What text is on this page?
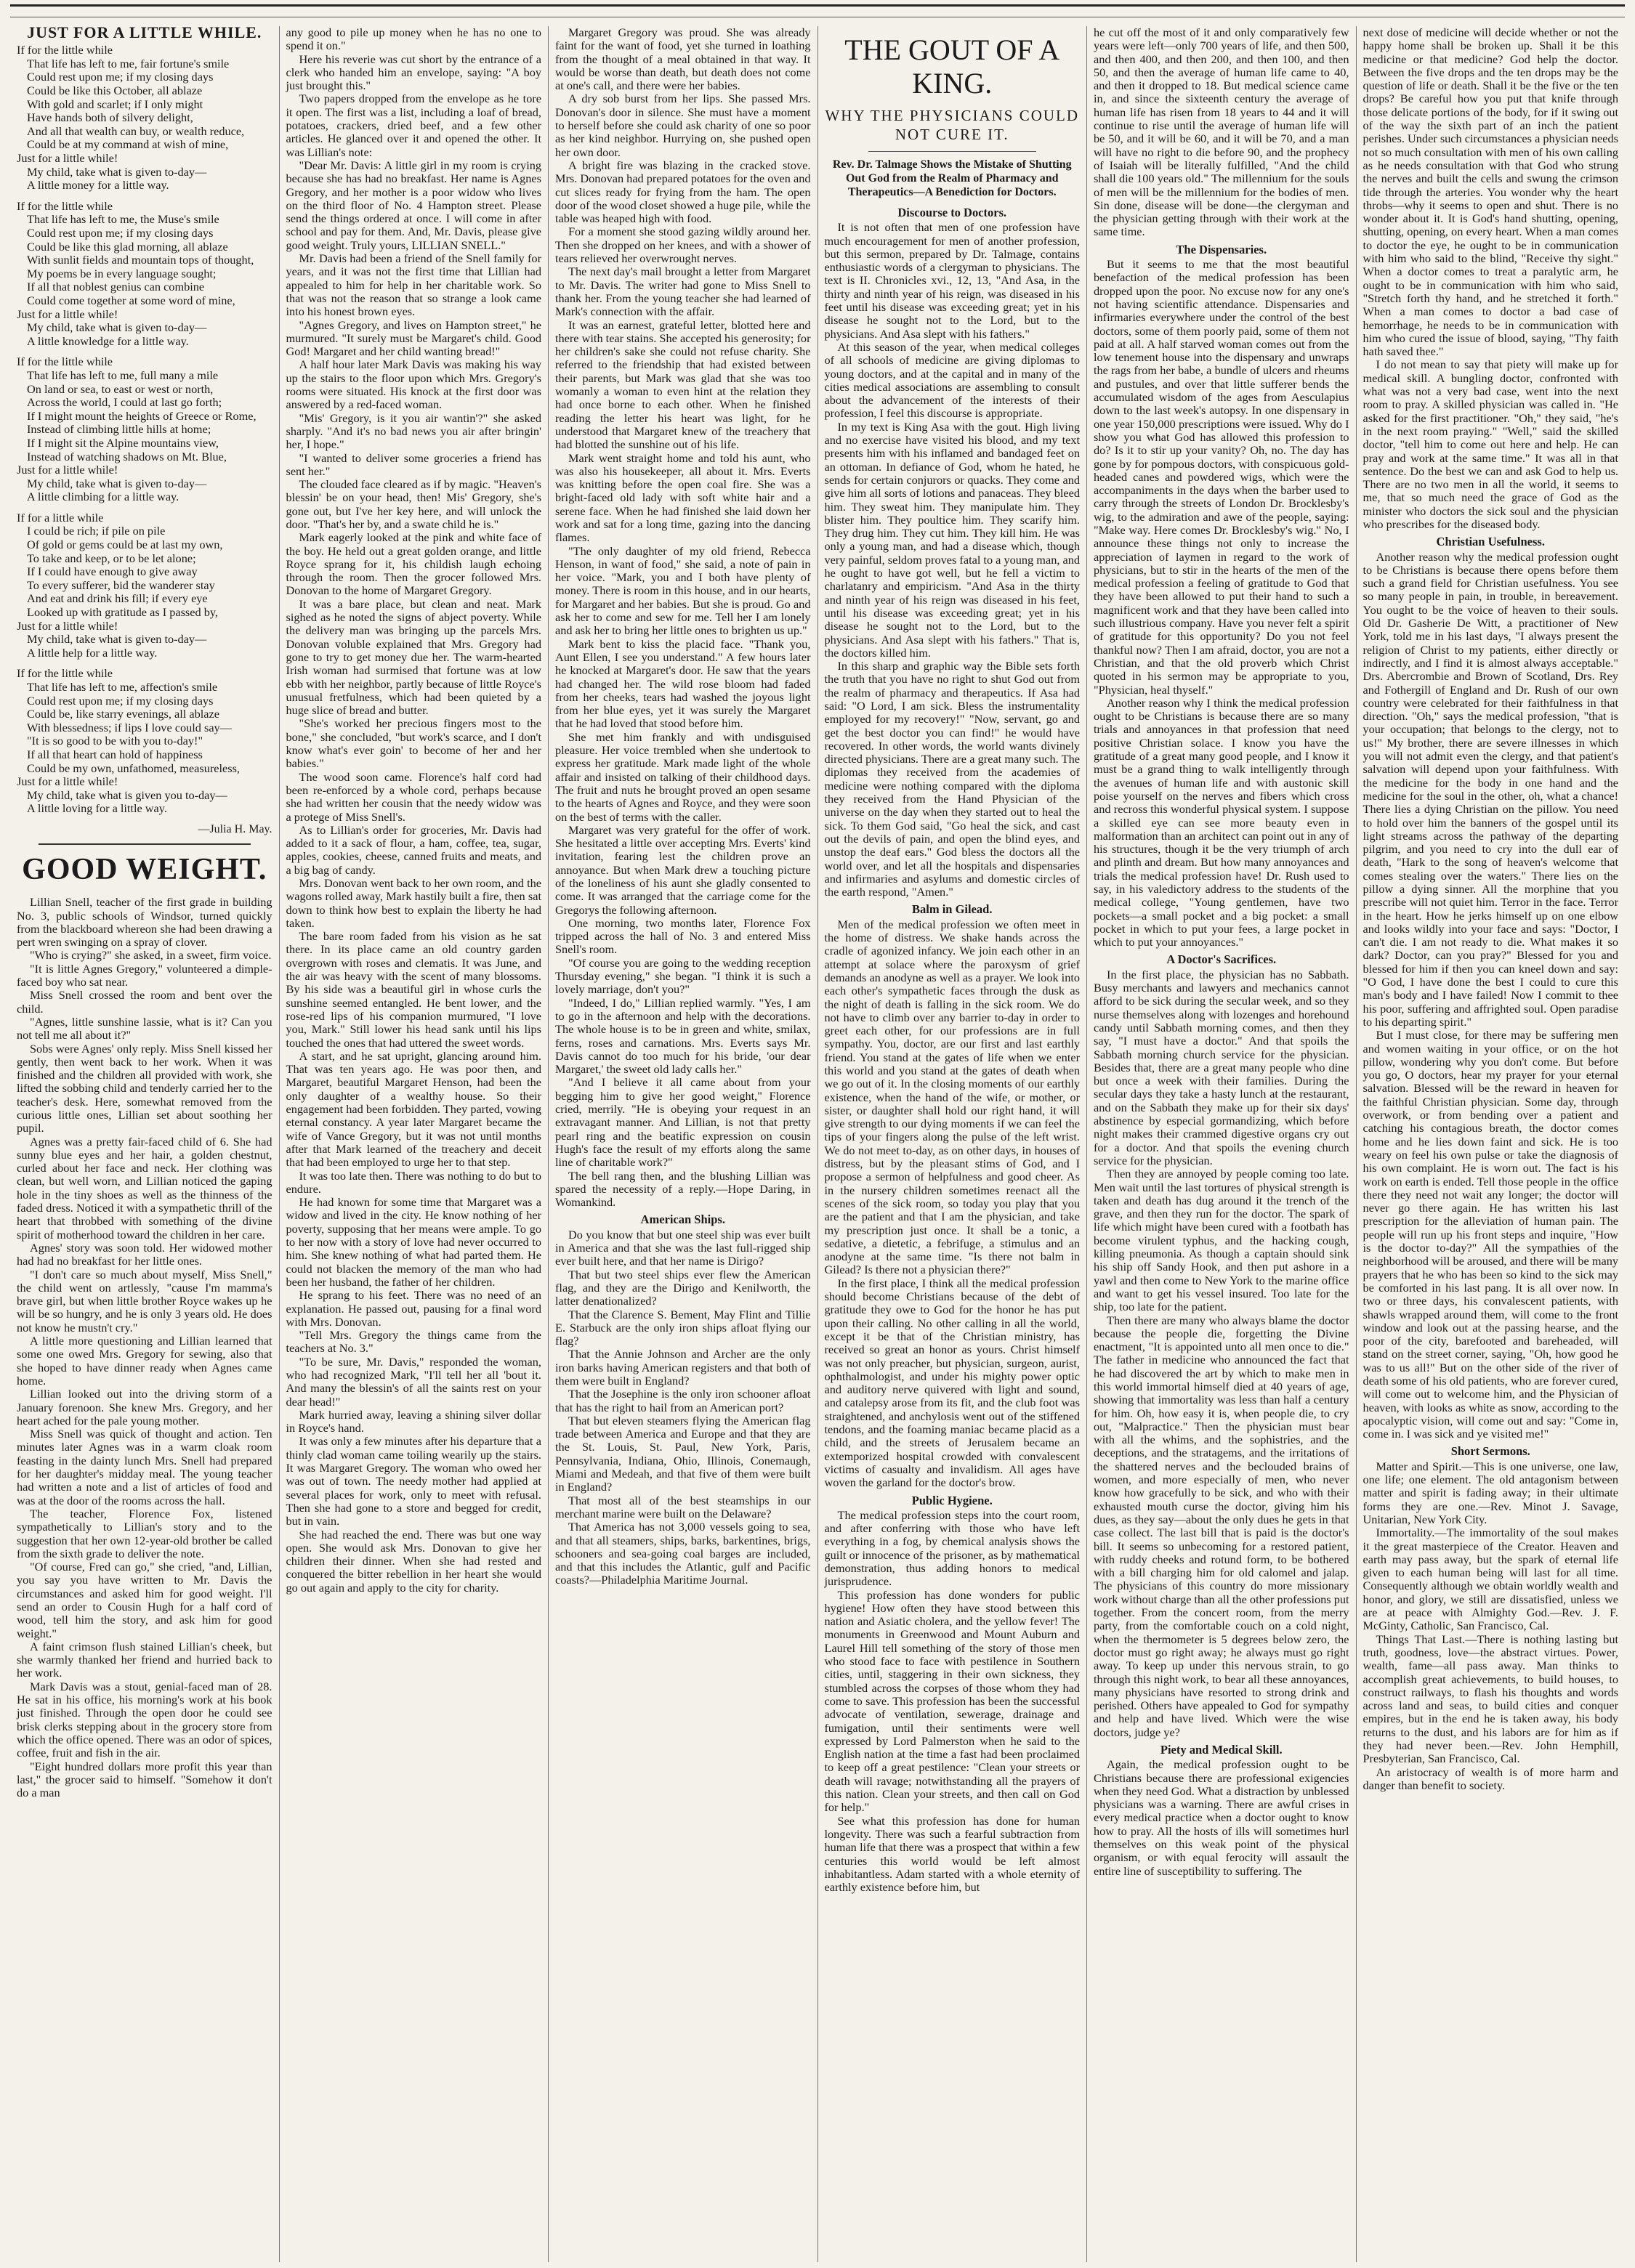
JUST FOR A LITTLE WHILE.
If for the little while
That life has left to me, fair fortune's smile
Could rest upon me; if my closing days
Could be like this October, all ablaze
With gold and scarlet; if I only might
Have hands both of silvery delight,
And all that wealth can buy, or wealth reduce,
Could be at my command at wish of mine,
Just for a little while!
My child, take what is given to-day—
A little money for a little way.
If for the little while
That life has left to me, the Muse's smile
Could rest upon me; if my closing days
Could be like this glad morning, all ablaze
With sunlit fields and mountain tops of thought,
My poems be in every language sought;
If all that noblest genius can combine
Could come together at some word of mine,
Just for a little while!
My child, take what is given to-day—
A little knowledge for a little way.
If for the little while
That life has left to me, full many a mile
On land or sea, to east or west or north,
Across the world, I could at last go forth;
If I might mount the heights of Greece or Rome,
Instead of climbing little hills at home;
If I might sit the Alpine mountains view,
Instead of watching shadows on Mt. Blue,
Just for a little while!
My child, take what is given to-day—
A little climbing for a little way.
If for a little while
I could be rich; if pile on pile
Of gold or gems could be at last my own,
To take and keep, or to be let alone;
If I could have enough to give away
To every sufferer, bid the wanderer stay
And eat and drink his fill; if every eye
Looked up with gratitude as I passed by,
Just for a little while!
My child, take what is given to-day—
A little help for a little way.
If for the little while
That life has left to me, affection's smile
Could rest upon me; if my closing days
Could be, like starry evenings, all ablaze
With blessedness; if lips I love could say—
"It is so good to be with you to-day!"
If all that heart can hold of happiness
Could be my own, unfathomed, measureless,
Just for a little while!
My child, take what is given you to-day—
A little loving for a little way.
—Julia H. May.
GOOD WEIGHT.

Lillian Snell, teacher of the first grade in building No. 3, public schools of Windsor, turned quickly from the blackboard whereon she had been drawing a pert wren swinging on a spray of clover.

"Who is crying?" she asked, in a sweet, firm voice.

"It is little Agnes Gregory," volunteered a dimple-faced boy who sat near.

Miss Snell crossed the room and bent over the child.

"Agnes, little sunshine lassie, what is it? Can you not tell me all about it?"

Sobs were Agnes' only reply. Miss Snell kissed her gently, then went back to her work. When it was finished and the children all provided with work, she lifted the sobbing child and tenderly carried her to the teacher's desk. Here, somewhat removed from the curious little ones, Lillian set about soothing her pupil.

Agnes was a pretty fair-faced child of 6. She had sunny blue eyes and her hair, a golden chestnut, curled about her face and neck. Her clothing was clean, but well worn, and Lillian noticed the gaping hole in the tiny shoes as well as the thinness of the faded dress. Noticed it with a sympathetic thrill of the heart that throbbed with something of the divine spirit of motherhood toward the children in her care.

Agnes' story was soon told. Her widowed mother had had no breakfast for her little ones.

"I don't care so much about myself, Miss Snell," the child went on artlessly, "cause I'm mamma's brave girl, but when little brother Royce wakes up he will be so hungry, and he is only 3 years old. He does not know he mustn't cry."

A little more questioning and Lillian learned that some one owed Mrs. Gregory for sewing, also that she hoped to have dinner ready when Agnes came home.

Lillian looked out into the driving storm of a January forenoon. She knew Mrs. Gregory, and her heart ached for the pale young mother.

Miss Snell was quick of thought and action. Ten minutes later Agnes was in a warm cloak room feasting in the dainty lunch Mrs. Snell had prepared for her daughter's midday meal. The young teacher had written a note and a list of articles of food and was at the door of the rooms across the hall.

The teacher, Florence Fox, listened sympathetically to Lillian's story and to the suggestion that her own 12-year-old brother be called from the sixth grade to deliver the note.

"Of course, Fred can go," she cried, "and, Lillian, you say you have written to Mr. Davis the circumstances and asked him for good weight. I'll send an order to Cousin Hugh for a half cord of wood, tell him the story, and ask him for good weight."

A faint crimson flush stained Lillian's cheek, but she warmly thanked her friend and hurried back to her work.

Mark Davis was a stout, genial-faced man of 28. He sat in his office, his morning's work at his book just finished. Through the open door he could see brisk clerks stepping about in the grocery store from which the office opened. There was an odor of spices, coffee, fruit and fish in the air.

"Eight hundred dollars more profit this year than last," the grocer said to himself. "Somehow it don't do a man

any good to pile up money when he has no one to spend it on."

Here his reverie was cut short by the entrance of a clerk who handed him an envelope, saying: "A boy just brought this."

Two papers dropped from the envelope as he tore it open. The first was a list, including a loaf of bread, potatoes, crackers, dried beef, and a few other articles. He glanced over it and opened the other. It was Lillian's note:

"Dear Mr. Davis: A little girl in my room is crying because she has had no breakfast. Her name is Agnes Gregory, and her mother is a poor widow who lives on the third floor of No. 4 Hampton street. Please send the things ordered at once. I will come in after school and pay for them. And, Mr. Davis, please give good weight. Truly yours, LILLIAN SNELL."

Mr. Davis had been a friend of the Snell family for years, and it was not the first time that Lillian had appealed to him for help in her charitable work. So that was not the reason that so strange a look came into his honest brown eyes.

"Agnes Gregory, and lives on Hampton street," he murmured. "It surely must be Margaret's child. Good God! Margaret and her child wanting bread!"

A half hour later Mark Davis was making his way up the stairs to the floor upon which Mrs. Gregory's rooms were situated. His knock at the first door was answered by a red-faced woman.

"Mis' Gregory, is it you air wantin'?" she asked sharply. "And it's no bad news you air after bringin' her, I hope."

"I wanted to deliver some groceries a friend has sent her."

The clouded face cleared as if by magic. "Heaven's blessin' be on your head, then! Mis' Gregory, she's gone out, but I've her key here, and will unlock the door. "That's her by, and a swate child he is."

Mark eagerly looked at the pink and white face of the boy. He held out a great golden orange, and little Royce sprang for it, his childish laugh echoing through the room. Then the grocer followed Mrs. Donovan to the home of Margaret Gregory.

It was a bare place, but clean and neat. Mark sighed as he noted the signs of abject poverty. While the delivery man was bringing up the parcels Mrs. Donovan voluble explained that Mrs. Gregory had gone to try to get money due her. The warm-hearted Irish woman had surmised that fortune was at low ebb with her neighbor, partly because of little Royce's unusual fretfulness, which had been quieted by a huge slice of bread and butter.

"She's worked her precious fingers most to the bone," she concluded, "but work's scarce, and I don't know what's ever goin' to become of her and her babies."

The wood soon came. Florence's half cord had been re-enforced by a whole cord, perhaps because she had written her cousin that the needy widow was a protege of Miss Snell's.

As to Lillian's order for groceries, Mr. Davis had added to it a sack of flour, a ham, coffee, tea, sugar, apples, cookies, cheese, canned fruits and meats, and a big bag of candy.

Mrs. Donovan went back to her own room, and the wagons rolled away, Mark hastily built a fire, then sat down to think how best to explain the liberty he had taken.

The bare room faded from his vision as he sat there. In its place came an old country garden overgrown with roses and clematis. It was June, and the air was heavy with the scent of many blossoms. By his side was a beautiful girl in whose curls the sunshine seemed entangled. He bent lower, and the rose-red lips of his companion murmured, "I love you, Mark." Still lower his head sank until his lips touched the ones that had uttered the sweet words.

A start, and he sat upright, glancing around him. That was ten years ago. He was poor then, and Margaret, beautiful Margaret Henson, had been the only daughter of a wealthy house. So their engagement had been forbidden. They parted, vowing eternal constancy. A year later Margaret became the wife of Vance Gregory, but it was not until months after that Mark learned of the treachery and deceit that had been employed to urge her to that step.

It was too late then. There was nothing to do but to endure.

He had known for some time that Margaret was a widow and lived in the city. He know nothing of her poverty, supposing that her means were ample. To go to her now with a story of love had never occurred to him. She knew nothing of what had parted them. He could not blacken the memory of the man who had been her husband, the father of her children.

He sprang to his feet. There was no need of an explanation. He passed out, pausing for a final word with Mrs. Donovan.

"Tell Mrs. Gregory the things came from the teachers at No. 3."

"To be sure, Mr. Davis," responded the woman, who had recognized Mark, "I'll tell her all 'bout it. And many the blessin's of all the saints rest on your dear head!"

Mark hurried away, leaving a shining silver dollar in Royce's hand.

It was only a few minutes after his departure that a thinly clad woman came toiling wearily up the stairs. It was Margaret Gregory. The woman who owed her was out of town. The needy mother had applied at several places for work, only to meet with refusal. Then she had gone to a store and begged for credit, but in vain.

She had reached the end. There was but one way open. She would ask Mrs. Donovan to give her children their dinner. When she had rested and conquered the bitter rebellion in her heart she would go out again and apply to the city for charity.

Margaret Gregory was proud. She was already faint for the want of food, yet she turned in loathing from the thought of a meal obtained in that way. It would be worse than death, but death does not come at one's call, and there were her babies.

A dry sob burst from her lips. She passed Mrs. Donovan's door in silence. She must have a moment to herself before she could ask charity of one so poor as her kind neighbor. Hurrying on, she pushed open her own door.

A bright fire was blazing in the cracked stove. Mrs. Donovan had prepared potatoes for the oven and cut slices ready for frying from the ham. The open door of the wood closet showed a huge pile, while the table was heaped high with food.

For a moment she stood gazing wildly around her. Then she dropped on her knees, and with a shower of tears relieved her overwrought nerves.

The next day's mail brought a letter from Margaret to Mr. Davis. The writer had gone to Miss Snell to thank her. From the young teacher she had learned of Mark's connection with the affair.

It was an earnest, grateful letter, blotted here and there with tear stains. She accepted his generosity; for her children's sake she could not refuse charity. She referred to the friendship that had existed between their parents, but Mark was glad that she was too womanly a woman to even hint at the relation they had once borne to each other. When he finished reading the letter his heart was light, for he understood that Margaret knew of the treachery that had blotted the sunshine out of his life.

Mark went straight home and told his aunt, who was also his housekeeper, all about it. Mrs. Everts was knitting before the open coal fire. She was a bright-faced old lady with soft white hair and a serene face. When he had finished she laid down her work and sat for a long time, gazing into the dancing flames.

"The only daughter of my old friend, Rebecca Henson, in want of food," she said, a note of pain in her voice. "Mark, you and I both have plenty of money. There is room in this house, and in our hearts, for Margaret and her babies. But she is proud. Go and ask her to come and sew for me. Tell her I am lonely and ask her to bring her little ones to brighten us up."

Mark bent to kiss the placid face. "Thank you, Aunt Ellen, I see you understand." A few hours later he knocked at Margaret's door. He saw that the years had changed her. The wild rose bloom had faded from her cheeks, tears had washed the joyous light from her blue eyes, yet it was surely the Margaret that he had loved that stood before him.

She met him frankly and with undisguised pleasure. Her voice trembled when she undertook to express her gratitude. Mark made light of the whole affair and insisted on talking of their childhood days. The fruit and nuts he brought proved an open sesame to the hearts of Agnes and Royce, and they were soon on the best of terms with the caller.

Margaret was very grateful for the offer of work. She hesitated a little over accepting Mrs. Everts' kind invitation, fearing lest the children prove an annoyance. But when Mark drew a touching picture of the loneliness of his aunt she gladly consented to come. It was arranged that the carriage come for the Gregorys the following afternoon.

One morning, two months later, Florence Fox tripped across the hall of No. 3 and entered Miss Snell's room.

"Of course you are going to the wedding reception Thursday evening," she began. "I think it is such a lovely marriage, don't you?"

"Indeed, I do," Lillian replied warmly. "Yes, I am to go in the afternoon and help with the decorations. The whole house is to be in green and white, smilax, ferns, roses and carnations. Mrs. Everts says Mr. Davis cannot do too much for his bride, 'our dear Margaret,' the sweet old lady calls her."

"And I believe it all came about from your begging him to give her good weight," Florence cried, merrily. "He is obeying your request in an extravagant manner. And Lillian, is not that pretty pearl ring and the beatific expression on cousin Hugh's face the result of my efforts along the same line of charitable work?"

The bell rang then, and the blushing Lillian was spared the necessity of a reply.—Hope Daring, in Womankind.

American Ships.

Do you know that but one steel ship was ever built in America and that she was the last full-rigged ship ever built here, and that her name is Dirigo?

That but two steel ships ever flew the American flag, and they are the Dirigo and Kenilworth, the latter denationalized?

That the Clarence S. Bement, May Flint and Tillie E. Starbuck are the only iron ships afloat flying our flag?

That the Annie Johnson and Archer are the only iron barks having American registers and that both of them were built in England?

That the Josephine is the only iron schooner afloat that has the right to hail from an American port?

That but eleven steamers flying the American flag trade between America and Europe and that they are the St. Louis, St. Paul, New York, Paris, Pennsylvania, Indiana, Ohio, Illinois, Conemaugh, Miami and Medeah, and that five of them were built in England?

That most all of the best steamships in our merchant marine were built on the Delaware?

That America has not 3,000 vessels going to sea, and that all steamers, ships, barks, barkentines, brigs, schooners and sea-going coal barges are included, and that this includes the Atlantic, gulf and Pacific coasts?—Philadelphia Maritime Journal.

THE GOUT OF A KING.
WHY THE PHYSICIANS COULD NOT CURE IT.
Rev. Dr. Talmage Shows the Mistake of Shutting Out God from the Realm of Pharmacy and Therapeutics—A Benediction for Doctors.
Discourse to Doctors.

It is not often that men of one profession have much encouragement for men of another profession, but this sermon, prepared by Dr. Talmage, contains enthusiastic words of a clergyman to physicians. The text is II. Chronicles xvi., 12, 13, "And Asa, in the thirty and ninth year of his reign, was diseased in his feet until his disease was exceeding great; yet in his disease he sought not to the Lord, but to the physicians. And Asa slept with his fathers."

At this season of the year, when medical colleges of all schools of medicine are giving diplomas to young doctors, and at the capital and in many of the cities medical associations are assembling to consult about the advancement of the interests of their profession, I feel this discourse is appropriate.

In my text is King Asa with the gout. High living and no exercise have visited his blood, and my text presents him with his inflamed and bandaged feet on an ottoman. In defiance of God, whom he hated, he sends for certain conjurors or quacks. They come and give him all sorts of lotions and panaceas. They bleed him. They sweat him. They manipulate him. They blister him. They poultice him. They scarify him. They drug him. They cut him. They kill him. He was only a young man, and had a disease which, though very painful, seldom proves fatal to a young man, and he ought to have got well, but he fell a victim to charlatanry and empiricism. "And Asa in the thirty and ninth year of his reign was diseased in his feet, until his disease was exceeding great; yet in his disease he sought not to the Lord, but to the physicians. And Asa slept with his fathers." That is, the doctors killed him.

In this sharp and graphic way the Bible sets forth the truth that you have no right to shut God out from the realm of pharmacy and therapeutics. If Asa had said: "O Lord, I am sick. Bless the instrumentality employed for my recovery!" "Now, servant, go and get the best doctor you can find!" he would have recovered. In other words, the world wants divinely directed physicians. There are a great many such. The diplomas they received from the academies of medicine were nothing compared with the diploma they received from the Hand Physician of the universe on the day when they started out to heal the sick. To them God said, "Go heal the sick, and cast out the devils of pain, and open the blind eyes, and unstop the deaf ears." God bless the doctors all the world over, and let all the hospitals and dispensaries and infirmaries and asylums and domestic circles of the earth respond, "Amen."

Balm in Gilead.

Men of the medical profession we often meet in the home of distress. We shake hands across the cradle of agonized infancy. We join each other in an attempt at solace where the paroxysm of grief demands an anodyne as well as a prayer. We look into each other's sympathetic faces through the dusk as the night of death is falling in the sick room. We do not have to climb over any barrier to-day in order to greet each other, for our professions are in full sympathy. You, doctor, are our first and last earthly friend. You stand at the gates of life when we enter this world and you stand at the gates of death when we go out of it. In the closing moments of our earthly existence, when the hand of the wife, or mother, or sister, or daughter shall hold our right hand, it will give strength to our dying moments if we can feel the tips of your fingers along the pulse of the left wrist. We do not meet to-day, as on other days, in houses of distress, but by the pleasant stims of God, and I propose a sermon of helpfulness and good cheer. As in the nursery children sometimes reenact all the scenes of the sick room, so today you play that you are the patient and that I am the physician, and take my prescription just once. It shall be a tonic, a sedative, a dietetic, a febrifuge, a stimulus and an anodyne at the same time. "Is there not balm in Gilead? Is there not a physician there?"

In the first place, I think all the medical profession should become Christians because of the debt of gratitude they owe to God for the honor he has put upon their calling. No other calling in all the world, except it be that of the Christian ministry, has received so great an honor as yours. Christ himself was not only preacher, but physician, surgeon, aurist, ophthalmologist, and under his mighty power optic and auditory nerve quivered with light and sound, and catalepsy arose from its fit, and the club foot was straightened, and anchylosis went out of the stiffened tendons, and the foaming maniac became placid as a child, and the streets of Jerusalem became an extemporized hospital crowded with convalescent victims of casualty and invalidism. All ages have woven the garland for the doctor's brow.

Public Hygiene.

The medical profession steps into the court room, and after conferring with those who have left everything in a fog, by chemical analysis shows the guilt or innocence of the prisoner, as by mathematical demonstration, thus adding honors to medical jurisprudence.

This profession has done wonders for public hygiene! How often they have stood between this nation and Asiatic cholera, and the yellow fever! The monuments in Greenwood and Mount Auburn and Laurel Hill tell something of the story of those men who stood face to face with pestilence in Southern cities, until, staggering in their own sickness, they stumbled across the corpses of those whom they had come to save. This profession has been the successful advocate of ventilation, sewerage, drainage and fumigation, until their sentiments were well expressed by Lord Palmerston when he said to the English nation at the time a fast had been proclaimed to keep off a great pestilence: "Clean your streets or death will ravage; notwithstanding all the prayers of this nation. Clean your streets, and then call on God for help."

See what this profession has done for human longevity. There was such a fearful subtraction from human life that there was a prospect that within a few centuries this world would be left almost inhabitantless. Adam started with a whole eternity of earthly existence before him, but

he cut off the most of it and only comparatively few years were left—only 700 years of life, and then 500, and then 400, and then 200, and then 100, and then 50, and then the average of human life came to 40, and then it dropped to 18. But medical science came in, and since the sixteenth century the average of human life has risen from 18 years to 44 and it will continue to rise until the average of human life will be 50, and it will be 60, and it will be 70, and a man will have no right to die before 90, and the prophecy of Isaiah will be literally fulfilled, "And the child shall die 100 years old." The millennium for the souls of men will be the millennium for the bodies of men. Sin done, disease will be done—the clergyman and the physician getting through with their work at the same time.

The Dispensaries.

But it seems to me that the most beautiful benefaction of the medical profession has been dropped upon the poor. No excuse now for any one's not having scientific attendance. Dispensaries and infirmaries everywhere under the control of the best doctors, some of them poorly paid, some of them not paid at all. A half starved woman comes out from the low tenement house into the dispensary and unwraps the rags from her babe, a bundle of ulcers and rheums and pustules, and over that little sufferer bends the accumulated wisdom of the ages from Aesculapius down to the last week's autopsy. In one dispensary in one year 150,000 prescriptions were issued. Why do I show you what God has allowed this profession to do? Is it to stir up your vanity? Oh, no. The day has gone by for pompous doctors, with conspicuous gold-headed canes and powdered wigs, which were the accompaniments in the days when the barber used to carry through the streets of London Dr. Brocklesby's wig, to the admiration and awe of the people, saying: "Make way. Here comes Dr. Brocklesby's wig." No, I announce these things not only to increase the appreciation of laymen in regard to the work of physicians, but to stir in the hearts of the men of the medical profession a feeling of gratitude to God that they have been allowed to put their hand to such a magnificent work and that they have been called into such illustrious company. Have you never felt a spirit of gratitude for this opportunity? Do you not feel thankful now? Then I am afraid, doctor, you are not a Christian, and that the old proverb which Christ quoted in his sermon may be appropriate to you, "Physician, heal thyself."

Another reason why I think the medical profession ought to be Christians is because there are so many trials and annoyances in that profession that need positive Christian solace. I know you have the gratitude of a great many good people, and I know it must be a grand thing to walk intelligently through the avenues of human life and with austonic skill poise yourself on the nerves and fibers which cross and recross this wonderful physical system. I suppose a skilled eye can see more beauty even in malformation than an architect can point out in any of his structures, though it be the very triumph of arch and plinth and dream. But how many annoyances and trials the medical profession have! Dr. Rush used to say, in his valedictory address to the students of the medical college, "Young gentlemen, have two pockets—a small pocket and a big pocket: a small pocket in which to put your fees, a large pocket in which to put your annoyances."

A Doctor's Sacrifices.

In the first place, the physician has no Sabbath. Busy merchants and lawyers and mechanics cannot afford to be sick during the secular week, and so they nurse themselves along with lozenges and horehound candy until Sabbath morning comes, and then they say, "I must have a doctor." And that spoils the Sabbath morning church service for the physician. Besides that, there are a great many people who dine but once a week with their families. During the secular days they take a hasty lunch at the restaurant, and on the Sabbath they make up for their six days' abstinence by especial gormandizing, which before night makes their crammed digestive organs cry out for a doctor. And that spoils the evening church service for the physician.

Then they are annoyed by people coming too late. Men wait until the last tortures of physical strength is taken and death has dug around it the trench of the grave, and then they run for the doctor. The spark of life which might have been cured with a footbath has become virulent typhus, and the hacking cough, killing pneumonia. As though a captain should sink his ship off Sandy Hook, and then put ashore in a yawl and then come to New York to the marine office and want to get his vessel insured. Too late for the ship, too late for the patient.

Then there are many who always blame the doctor because the people die, forgetting the Divine enactment, "It is appointed unto all men once to die." The father in medicine who announced the fact that he had discovered the art by which to make men in this world immortal himself died at 40 years of age, showing that immortality was less than half a century for him. Oh, how easy it is, when people die, to cry out, "Malpractice." Then the physician must bear with all the whims, and the sophistries, and the deceptions, and the stratagems, and the irritations of the shattered nerves and the beclouded brains of women, and more especially of men, who never know how gracefully to be sick, and who with their exhausted mouth curse the doctor, giving him his dues, as they say—about the only dues he gets in that case collect. The last bill that is paid is the doctor's bill. It seems so unbecoming for a restored patient, with ruddy cheeks and rotund form, to be bothered with a bill charging him for old calomel and jalap. The physicians of this country do more missionary work without charge than all the other professions put together. From the concert room, from the merry party, from the comfortable couch on a cold night, when the thermometer is 5 degrees below zero, the doctor must go right away; he always must go right away. To keep up under this nervous strain, to go through this night work, to bear all these annoyances, many physicians have resorted to strong drink and perished. Others have appealed to God for sympathy and help and have lived. Which were the wise doctors, judge ye?

Piety and Medical Skill.

Again, the medical profession ought to be Christians because there are professional exigencies when they need God. What a distraction by unblessed physicians was a warning. There are awful crises in every medical practice when a doctor ought to know how to pray. All the hosts of ills will sometimes hurl themselves on this weak point of the physical organism, or with equal ferocity will assault the entire line of susceptibility to suffering. The

next dose of medicine will decide whether or not the happy home shall be broken up. Shall it be this medicine or that medicine? God help the doctor. Between the five drops and the ten drops may be the question of life or death. Shall it be the five or the ten drops? Be careful how you put that knife through those delicate portions of the body, for if it swing out of the way the sixth part of an inch the patient perishes. Under such circumstances a physician needs not so much consultation with men of his own calling as he needs consultation with that God who strung the nerves and built the cells and swung the crimson tide through the arteries. You wonder why the heart throbs—why it seems to open and shut. There is no wonder about it. It is God's hand shutting, opening, shutting, opening, on every heart. When a man comes to doctor the eye, he ought to be in communication with him who said to the blind, "Receive thy sight." When a doctor comes to treat a paralytic arm, he ought to be in communication with him who said, "Stretch forth thy hand, and he stretched it forth." When a man comes to doctor a bad case of hemorrhage, he needs to be in communication with him who cured the issue of blood, saying, "Thy faith hath saved thee."

I do not mean to say that piety will make up for medical skill. A bungling doctor, confronted with what was not a very bad case, went into the next room to pray. A skilled physician was called in. "He asked for the first practitioner. "Oh," they said, "he's in the next room praying." "Well," said the skilled doctor, "tell him to come out here and help. He can pray and work at the same time." It was all in that sentence. Do the best we can and ask God to help us. There are no two men in all the world, it seems to me, that so much need the grace of God as the minister who doctors the sick soul and the physician who prescribes for the diseased body.

Christian Usefulness.

Another reason why the medical profession ought to be Christians is because there opens before them such a grand field for Christian usefulness. You see so many people in pain, in trouble, in bereavement. You ought to be the voice of heaven to their souls. Old Dr. Gasherie De Witt, a practitioner of New York, told me in his last days, "I always present the religion of Christ to my patients, either directly or indirectly, and I find it is almost always acceptable." Drs. Abercrombie and Brown of Scotland, Drs. Rey and Fothergill of England and Dr. Rush of our own country were celebrated for their faithfulness in that direction. "Oh," says the medical profession, "that is your occupation; that belongs to the clergy, not to us!" My brother, there are severe illnesses in which you will not admit even the clergy, and that patient's salvation will depend upon your faithfulness. With the medicine for the body in one hand and the medicine for the soul in the other, oh, what a chance! There lies a dying Christian on the pillow. You need to hold over him the banners of the gospel until its light streams across the pathway of the departing pilgrim, and you need to cry into the dull ear of death, "Hark to the song of heaven's welcome that comes stealing over the waters." There lies on the pillow a dying sinner. All the morphine that you prescribe will not quiet him. Terror in the face. Terror in the heart. How he jerks himself up on one elbow and looks wildly into your face and says: "Doctor, I can't die. I am not ready to die. What makes it so dark? Doctor, can you pray?" Blessed for you and blessed for him if then you can kneel down and say: "O God, I have done the best I could to cure this man's body and I have failed! Now I commit to thee his poor, suffering and affrighted soul. Open paradise to his departing spirit."

But I must close, for there may be suffering men and women waiting in your office, or on the hot pillow, wondering why you don't come. But before you go, O doctors, hear my prayer for your eternal salvation. Blessed will be the reward in heaven for the faithful Christian physician. Some day, through overwork, or from bending over a patient and catching his contagious breath, the doctor comes home and he lies down faint and sick. He is too weary on feel his own pulse or take the diagnosis of his own complaint. He is worn out. The fact is his work on earth is ended. Tell those people in the office there they need not wait any longer; the doctor will never go there again. He has written his last prescription for the alleviation of human pain. The people will run up his front steps and inquire, "How is the doctor to-day?" All the sympathies of the neighborhood will be aroused, and there will be many prayers that he who has been so kind to the sick may be comforted in his last pang. It is all over now. In two or three days, his convalescent patients, with shawls wrapped around them, will come to the front window and look out at the passing hearse, and the poor of the city, barefooted and bareheaded, will stand on the street corner, saying, "Oh, how good he was to us all!" But on the other side of the river of death some of his old patients, who are forever cured, will come out to welcome him, and the Physician of heaven, with looks as white as snow, according to the apocalyptic vision, will come out and say: "Come in, come in. I was sick and ye visited me!"

Short Sermons.

Matter and Spirit.—This is one universe, one law, one life; one element. The old antagonism between matter and spirit is fading away; in their ultimate forms they are one.—Rev. Minot J. Savage, Unitarian, New York City.

Immortality.—The immortality of the soul makes it the great masterpiece of the Creator. Heaven and earth may pass away, but the spark of eternal life given to each human being will last for all time. Consequently although we obtain worldly wealth and honor, and glory, we still are dissatisfied, unless we are at peace with Almighty God.—Rev. J. F. McGinty, Catholic, San Francisco, Cal.

Things That Last.—There is nothing lasting but truth, goodness, love—the abstract virtues. Power, wealth, fame—all pass away. Man thinks to accomplish great achievements, to build houses, to construct railways, to flash his thoughts and words across land and seas, to build cities and conquer empires, but in the end he is taken away, his body returns to the dust, and his labors are for him as if they had never been.—Rev. John Hemphill, Presbyterian, San Francisco, Cal.

An aristocracy of wealth is of more harm and danger than benefit to society.
